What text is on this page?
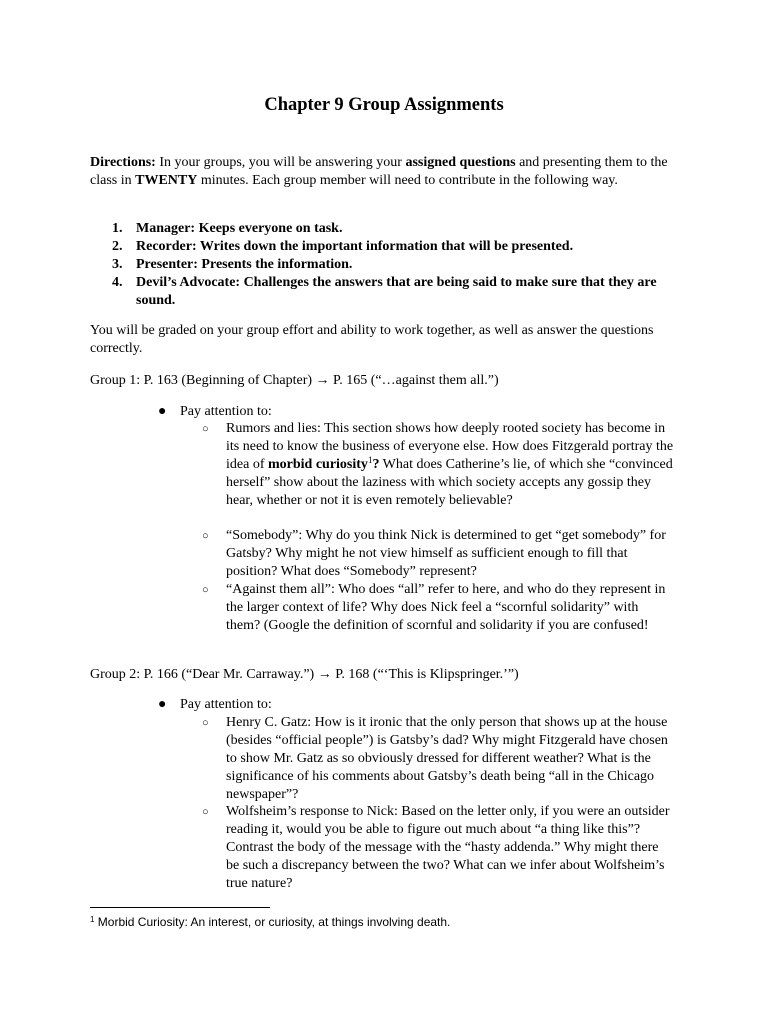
Chapter 9 Group Assignments

Directions: In your groups, you will be answering your assigned questions and presenting them to the class in TWENTY minutes. Each group member will need to contribute in the following way.

1. Manager: Keeps everyone on task.
2. Recorder: Writes down the important information that will be presented.
3. Presenter: Presents the information.
4. Devil’s Advocate: Challenges the answers that are being said to make sure that they are sound.

You will be graded on your group effort and ability to work together, as well as answer the questions correctly.

Group 1: P. 163 (Beginning of Chapter) → P. 165 (“…against them all.”)

● Pay attention to:
○ Rumors and lies: This section shows how deeply rooted society has become in its need to know the business of everyone else. How does Fitzgerald portray the idea of morbid curiosity$^1$? What does Catherine’s lie, of which she “convinced herself” show about the laziness with which society accepts any gossip they hear, whether or not it is even remotely believable?

○ “Somebody”: Why do you think Nick is determined to get “get somebody” for Gatsby? Why might he not view himself as sufficient enough to fill that position? What does “Somebody” represent?

○ “Against them all”: Who does “all” refer to here, and who do they represent in the larger context of life? Why does Nick feel a “scornful solidarity” with them? (Google the definition of scornful and solidarity if you are confused!

Group 2: P. 166 (“Dear Mr. Carraway.”) → P. 168 (“‘This is Klipspringer.’”)

● Pay attention to:
○ Henry C. Gatz: How is it ironic that the only person that shows up at the house (besides “official people”) is Gatsby’s dad? Why might Fitzgerald have chosen to show Mr. Gatz as so obviously dressed for different weather? What is the significance of his comments about Gatsby’s death being “all in the Chicago newspaper”?

○ Wolfsheim’s response to Nick: Based on the letter only, if you were an outsider reading it, would you be able to figure out much about “a thing like this”? Contrast the body of the message with the “hasty addenda.” Why might there be such a discrepancy between the two? What can we infer about Wolfsheim’s true nature?

$^1$ Morbid Curiosity: An interest, or curiosity, at things involving death.
